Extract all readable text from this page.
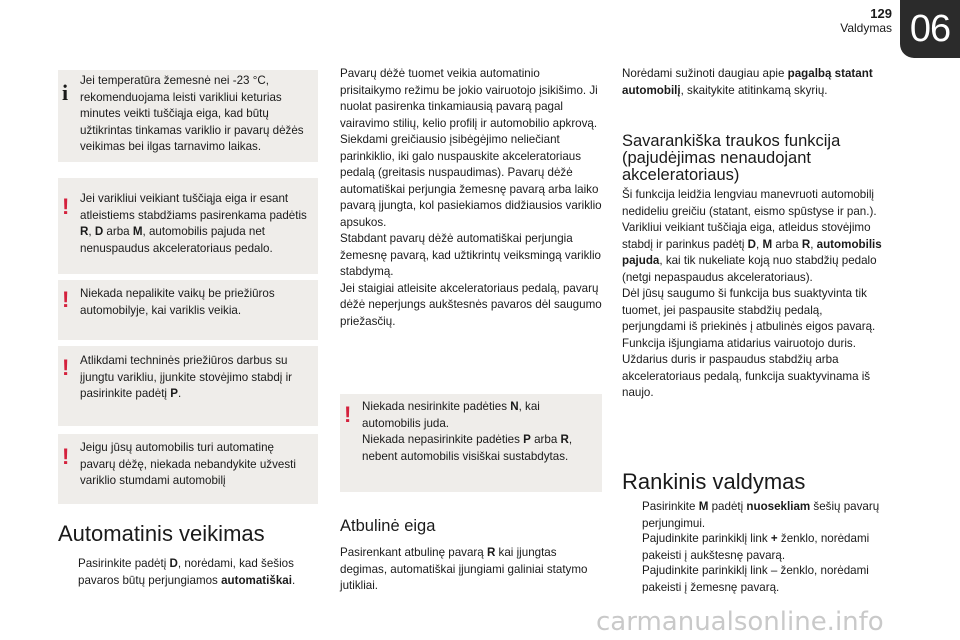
129
Valdymas 06
i Jei temperatūra žemesnė nei -23 °C, rekomenduojama leisti varikliui keturias minutes veikti tuščiąja eiga, kad būtų užtikrintas tinkamas variklio ir pavarų dėžės veikimas bei ilgas tarnavimo laikas.
! Jei varikliui veikiant tuščiąja eiga ir esant atleistiems stabdžiams pasirenkama padėtis R, D arba M, automobilis pajuda net nenuspaudus akceleratoriaus pedalo.
! Niekada nepalikite vaikų be priežiūros automobilyje, kai variklis veikia.
! Atlikdami techninės priežiūros darbus su įjungtu varikliu, įjunkite stovėjimo stabdį ir pasirinkite padėtį P.
! Jeigu jūsų automobilis turi automatinę pavarų dėžę, niekada nebandykite užvesti variklio stumdami automobilį
Automatinis veikimas
Pasirinkite padėtį D, norėdami, kad šešios pavaros būtų perjungiamos automatiškai.
Pavarų dėžė tuomet veikia automatinio prisitaikymo režimu be jokio vairuotojo įsikišimo. Ji nuolat pasirenka tinkamiausią pavarą pagal vairavimo stilių, kelio profilį ir automobilio apkrovą.
Siekdami greičiausio įsibėgėjimo neliečiant parinkiklio, iki galo nuspauskite akceleratoriaus pedalą (greitasis nuspaudimas). Pavarų dėžė automatiškai perjungia žemesnę pavarą arba laiko pavarą įjungta, kol pasiekiamos didžiausios variklio apsukos.
Stabdant pavarų dėžė automatiškai perjungia žemesnę pavarą, kad užtikrintų veiksmingą variklio stabdymą.
Jei staigiai atleisite akceleratoriaus pedalą, pavarų dėžė neperjungs aukštesnės pavaros dėl saugumo priežasčių.
! Niekada nesirinkite padėties N, kai automobilis juda.
Niekada nepasirinkite padėties P arba R, nebent automobilis visiškai sustabdytas.
Atbulinė eiga
Pasirenkant atbulinę pavarą R kai įjungtas degimas, automatiškai įjungiami galiniai statymo jutikliai.
Norėdami sužinoti daugiau apie pagalbą statant automobilį, skaitykite atitinkamą skyrių.
Savarankiška traukos funkcija (pajudėjimas nenaudojant akceleratoriaus)
Ši funkcija leidžia lengviau manevruoti automobilį nedideliu greičiu (statant, eismo spūstyse ir pan.).
Varikliui veikiant tuščiąja eiga, atleidus stovėjimo stabdį ir parinkus padėtį D, M arba R, automobilis pajuda, kai tik nukeliate koją nuo stabdžių pedalo (netgi nepaspaudus akceleratoriaus).
Dėl jūsų saugumo ši funkcija bus suaktyvinta tik tuomet, jei paspausite stabdžių pedalą, perjungdami iš priekinės į atbulinės eigos pavarą.
Funkcija išjungiama atidarius vairuotojo duris. Uždarius duris ir paspaudus stabdžių arba akceleratoriaus pedalą, funkcija suaktyvinama iš naujo.
Rankinis valdymas
Pasirinkite M padėtį nuosekliam šešių pavarų perjungimui.
Pajudinkite parinkiklį link + ženklo, norėdami pakeisti į aukštesnę pavarą.
Pajudinkite parinkiklį link – ženklo, norėdami pakeisti į žemesnę pavarą.
carmanualsonline.info
